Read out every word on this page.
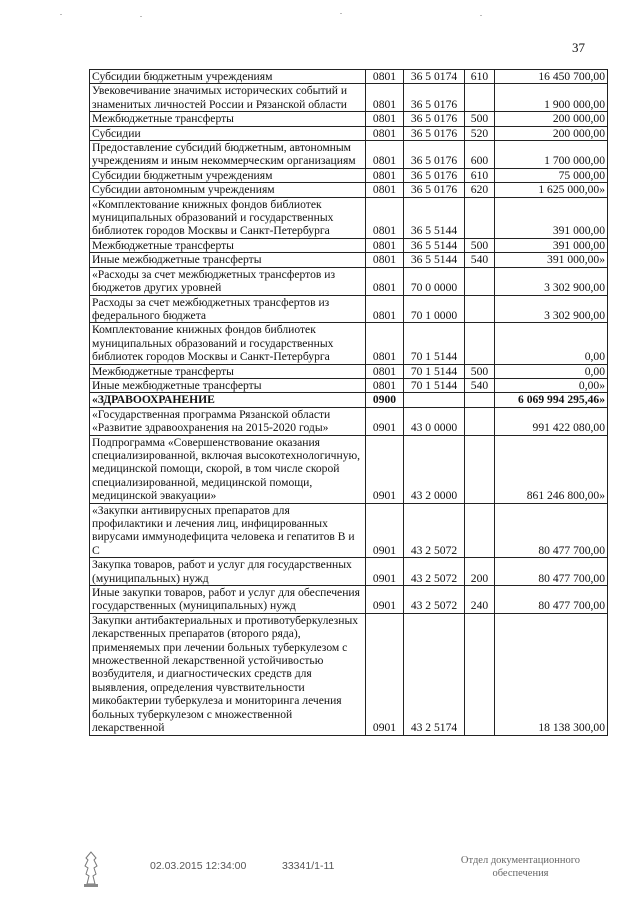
37
Субсидии бюджетным учреждениям	0801	36 5 0174	610	16 450 700,00
Увековечивание значимых исторических событий и знаменитых личностей России и Рязанской области	0801	36 5 0176		1 900 000,00
Межбюджетные трансферты	0801	36 5 0176	500	200 000,00
Субсидии	0801	36 5 0176	520	200 000,00
Предоставление субсидий бюджетным, автономным учреждениям и иным некоммерческим организациям	0801	36 5 0176	600	1 700 000,00
Субсидии бюджетным учреждениям	0801	36 5 0176	610	75 000,00
Субсидии автономным учреждениям	0801	36 5 0176	620	1 625 000,00»
«Комплектование книжных фондов библиотек муниципальных образований и государственных библиотек городов Москвы и Санкт-Петербурга	0801	36 5 5144		391 000,00
Межбюджетные трансферты	0801	36 5 5144	500	391 000,00
Иные межбюджетные трансферты	0801	36 5 5144	540	391 000,00»
«Расходы за счет межбюджетных трансфертов из бюджетов других уровней	0801	70 0 0000		3 302 900,00
Расходы за счет межбюджетных трансфертов из федерального бюджета	0801	70 1 0000		3 302 900,00
Комплектование книжных фондов библиотек муниципальных образований и государственных библиотек городов Москвы и Санкт-Петербурга	0801	70 1 5144		0,00
Межбюджетные трансферты	0801	70 1 5144	500	0,00
Иные межбюджетные трансферты	0801	70 1 5144	540	0,00»
«ЗДРАВООХРАНЕНИЕ	0900			6 069 994 295,46»
«Государственная программа Рязанской области «Развитие здравоохранения на 2015-2020 годы»	0901	43 0 0000		991 422 080,00
Подпрограмма «Совершенствование оказания специализированной, включая высокотехнологичную, медицинской помощи, скорой, в том числе скорой специализированной, медицинской помощи, медицинской эвакуации»	0901	43 2 0000		861 246 800,00»
«Закупки антивирусных препаратов для профилактики и лечения лиц, инфицированных вирусами иммунодефицита человека и гепатитов В и С	0901	43 2 5072		80 477 700,00
Закупка товаров, работ и услуг для государственных (муниципальных) нужд	0901	43 2 5072	200	80 477 700,00
Иные закупки товаров, работ и услуг для обеспечения государственных (муниципальных) нужд	0901	43 2 5072	240	80 477 700,00
Закупки антибактериальных и противотуберкулезных лекарственных препаратов (второго ряда), применяемых при лечении больных туберкулезом с множественной лекарственной устойчивостью возбудителя, и диагностических средств для выявления, определения чувствительности микобактерии туберкулеза и мониторинга лечения больных туберкулезом с множественной лекарственной	0901	43 2 5174		18 138 300,00
02.03.2015 12:34:00	33341/1-11	Отдел документационного обеспечения
